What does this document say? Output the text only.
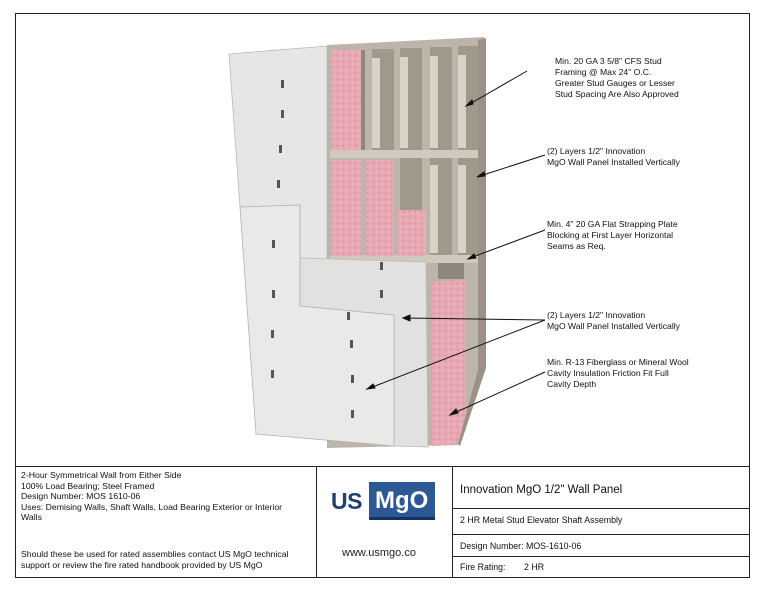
Min. 20 GA 3 5/8" CFS Stud
Framing @ Max 24" O.C.
Greater Stud Gauges or Lesser
Stud Spacing Are Also Approved
(2) Layers 1/2" Innovation
MgO Wall Panel Installed Vertically
Min. 4" 20 GA Flat Strapping Plate
Blocking at First Layer Horizontal
Seams as Req.
(2) Layers 1/2" Innovation
MgO Wall Panel Installed Vertically
Min. R-13 Fiberglass or Mineral Wool
Cavity Insulation Friction Fit Full
Cavity Depth
2-Hour Symmetrical Wall from Either Side
100% Load Bearing; Steel Framed
Design Number: MOS 1610-06
Uses: Demising Walls, Shaft Walls, Load Bearing Exterior or Interior
Walls
Should these be used for rated assemblies contact US MgO technical
support or review the fire rated handbook provided by US MgO
US MgO
www.usmgo.co
Innovation MgO 1/2" Wall Panel
2 HR Metal Stud Elevator Shaft Assembly
Design Number: MOS-1610-06
Fire Rating: 2 HR
